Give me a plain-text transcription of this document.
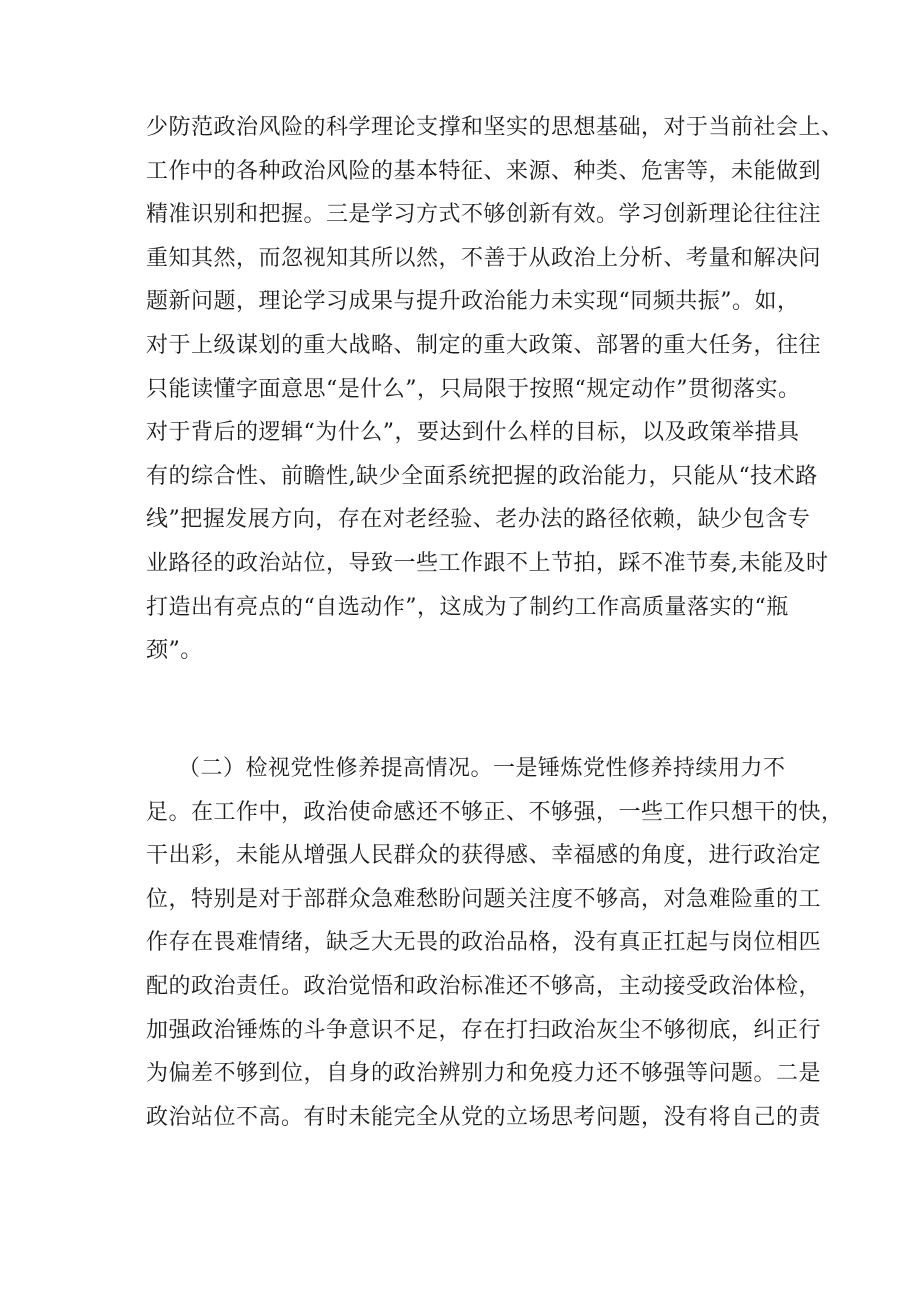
少防范政治风险的科学理论支撑和坚实的思想基础，对于当前社会上、
工作中的各种政治风险的基本特征、来源、种类、危害等，未能做到
精准识别和把握。三是学习方式不够创新有效。学习创新理论往往注
重知其然，而忽视知其所以然，不善于从政治上分析、考量和解决问
题新问题，理论学习成果与提升政治能力未实现“同频共振”。如，
对于上级谋划的重大战略、制定的重大政策、部署的重大任务，往往
只能读懂字面意思“是什么”，只局限于按照“规定动作”贯彻落实。
对于背后的逻辑“为什么”，要达到什么样的目标，以及政策举措具
有的综合性、前瞻性,缺少全面系统把握的政治能力，只能从“技术路
线”把握发展方向，存在对老经验、老办法的路径依赖，缺少包含专
业路径的政治站位，导致一些工作跟不上节拍，踩不准节奏,未能及时
打造出有亮点的“自选动作”，这成为了制约工作高质量落实的“瓶
颈”。
（二）检视党性修养提高情况。一是锤炼党性修养持续用力不
足。在工作中，政治使命感还不够正、不够强，一些工作只想干的快，
干出彩，未能从增强人民群众的获得感、幸福感的角度，进行政治定
位，特别是对于部群众急难愁盼问题关注度不够高，对急难险重的工
作存在畏难情绪，缺乏大无畏的政治品格，没有真正扛起与岗位相匹
配的政治责任。政治觉悟和政治标准还不够高，主动接受政治体检，
加强政治锤炼的斗争意识不足，存在打扫政治灰尘不够彻底，纠正行
为偏差不够到位，自身的政治辨别力和免疫力还不够强等问题。二是
政治站位不高。有时未能完全从党的立场思考问题，没有将自己的责
